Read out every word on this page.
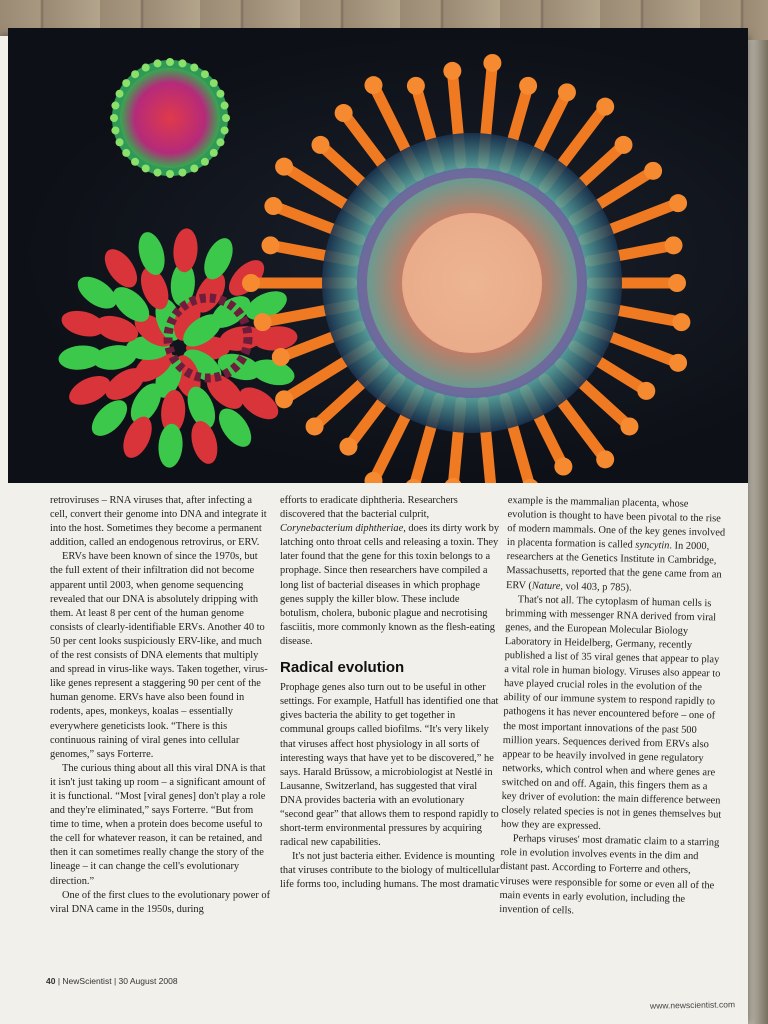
retroviruses – RNA viruses that, after infecting a cell, convert their genome into DNA and integrate it into the host. Sometimes they become a permanent addition, called an endogenous retrovirus, or ERV.

ERVs have been known of since the 1970s, but the full extent of their infiltration did not become apparent until 2003, when genome sequencing revealed that our DNA is absolutely dripping with them. At least 8 per cent of the human genome consists of clearly-identifiable ERVs. Another 40 to 50 per cent looks suspiciously ERV-like, and much of the rest consists of DNA elements that multiply and spread in virus-like ways. Taken together, virus-like genes represent a staggering 90 per cent of the human genome. ERVs have also been found in rodents, apes, monkeys, koalas – essentially everywhere geneticists look. “There is this continuous raining of viral genes into cellular genomes,” says Forterre.

The curious thing about all this viral DNA is that it isn't just taking up room – a significant amount of it is functional. “Most [viral genes] don't play a role and they're eliminated,” says Forterre. “But from time to time, when a protein does become useful to the cell for whatever reason, it can be retained, and then it can sometimes really change the story of the lineage – it can change the cell's evolutionary direction.”

One of the first clues to the evolutionary power of viral DNA came in the 1950s, during

efforts to eradicate diphtheria. Researchers discovered that the bacterial culprit, Corynebacterium diphtheriae, does its dirty work by latching onto throat cells and releasing a toxin. They later found that the gene for this toxin belongs to a prophage. Since then researchers have compiled a long list of bacterial diseases in which prophage genes supply the killer blow. These include botulism, cholera, bubonic plague and necrotising fasciitis, more commonly known as the flesh-eating disease.

Radical evolution

Prophage genes also turn out to be useful in other settings. For example, Hatfull has identified one that gives bacteria the ability to get together in communal groups called biofilms. “It's very likely that viruses affect host physiology in all sorts of interesting ways that have yet to be discovered,” he says. Harald Brüssow, a microbiologist at Nestlé in Lausanne, Switzerland, has suggested that viral DNA provides bacteria with an evolutionary “second gear” that allows them to respond rapidly to short-term environmental pressures by acquiring radical new capabilities.

It's not just bacteria either. Evidence is mounting that viruses contribute to the biology of multicellular life forms too, including humans. The most dramatic

example is the mammalian placenta, whose evolution is thought to have been pivotal to the rise of modern mammals. One of the key genes involved in placenta formation is called syncytin. In 2000, researchers at the Genetics Institute in Cambridge, Massachusetts, reported that the gene came from an ERV (Nature, vol 403, p 785).

That's not all. The cytoplasm of human cells is brimming with messenger RNA derived from viral genes, and the European Molecular Biology Laboratory in Heidelberg, Germany, recently published a list of 35 viral genes that appear to play a vital role in human biology. Viruses also appear to have played crucial roles in the evolution of the ability of our immune system to respond rapidly to pathogens it has never encountered before – one of the most important innovations of the past 500 million years. Sequences derived from ERVs also appear to be heavily involved in gene regulatory networks, which control when and where genes are switched on and off. Again, this fingers them as a key driver of evolution: the main difference between closely related species is not in genes themselves but how they are expressed.

Perhaps viruses' most dramatic claim to a starring role in evolution involves events in the dim and distant past. According to Forterre and others, viruses were responsible for some or even all of the main events in early evolution, including the invention of cells.

40 | NewScientist | 30 August 2008
www.newscientist.com
